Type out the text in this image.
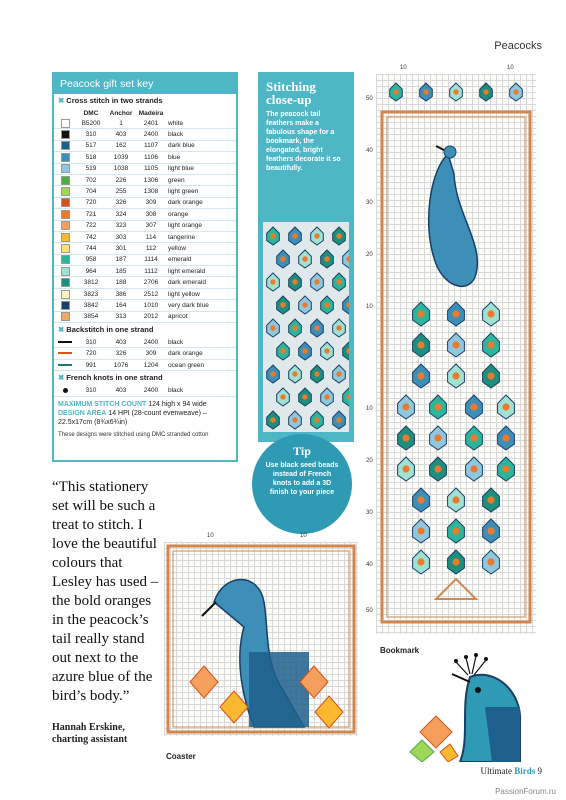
Peacocks
Peacock gift set key
✖ Cross stitch in two strands
	DMC	Anchor	Madeira	
	B5200	1	2401	white
	310	403	2400	black
	517	162	1107	dark blue
	518	1039	1106	blue
	519	1038	1105	light blue
	702	226	1306	green
	704	255	1308	light green
	720	326	309	dark orange
	721	324	308	orange
	722	323	307	light orange
	742	303	114	tangerine
	744	301	112	yellow
	958	187	1114	emerald
	964	185	1112	light emerald
	3812	188	2706	dark emerald
	3823	386	2512	light yellow
	3842	164	1010	very dark blue
	3854	313	2012	apricot
✖ Backstitch in one strand
	310	403	2400	black
	720	326	309	dark orange
	991	1076	1204	ocean green
✖ French knots in one strand
	310	403	2400	black
MAXIMUM STITCH COUNT 124 high x 94 wide
DESIGN AREA 14 HPI (28-count evenweave) – 22.5x17cm (8¾x6¾in)
These designs were stitched using DMC stranded cotton
Stitching close-up
The peacock tail feathers make a fabulous shape for a bookmark, the elongated, bright feathers decorate it so beautifully.
Tip
Use black seed beads instead of French knots to add a 3D finish to your piece
10	10
50
40
30
20
10
10
20
30
40
50
Bookmark
“This stationery set will be such a treat to stitch. I love the beautiful colours that Lesley has used – the bold oranges in the peacock’s tail really stand out next to the azure blue of the bird’s body.”
Hannah Erskine,
charting assistant
10	10
Coaster
Ultimate Birds 9
PassionForum.ru
